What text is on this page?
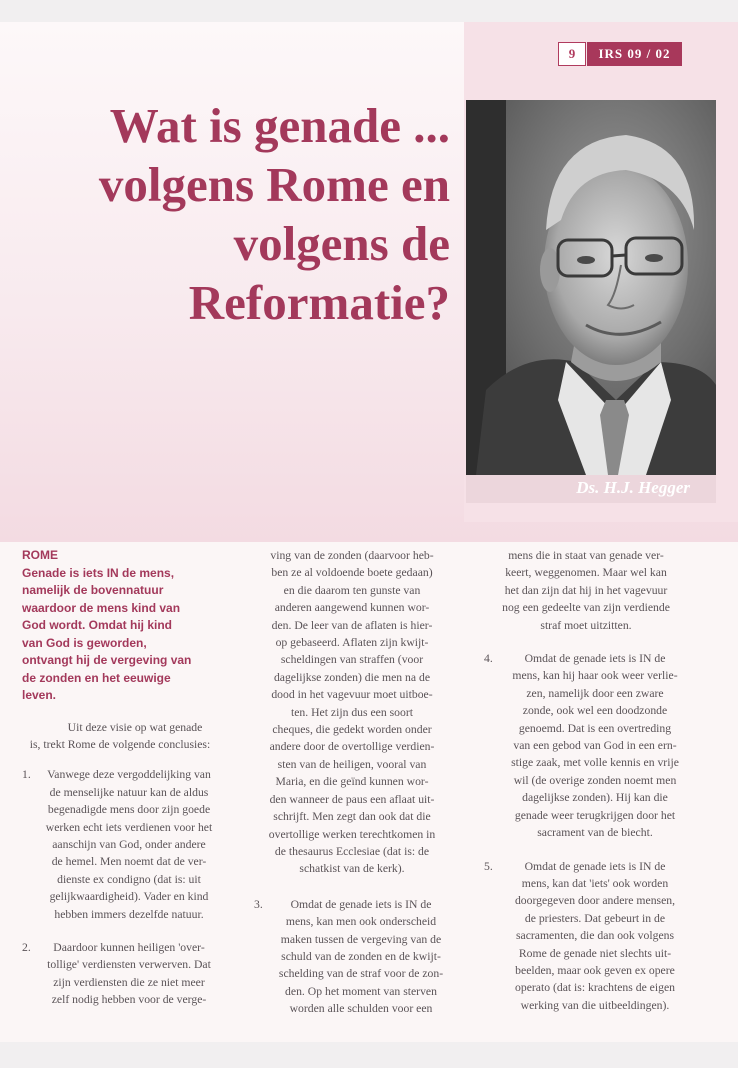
9	IRS 09 / 02
Wat is genade ...
volgens Rome en
volgens de
Reformatie?
Ds. H.J. Hegger

ROME

Genade is iets IN de mens,
namelijk de bovennatuur
waardoor de mens kind van
God wordt. Omdat hij kind
van God is geworden,
ontvangt hij de vergeving van
de zonden en het eeuwige
leven.
Uit deze visie op wat genade
is, trekt Rome de volgende conclusies:
1.	Vanwege deze vergoddelijking van
de menselijke natuur kan de aldus
begenadigde mens door zijn goede
werken echt iets verdienen voor het
aanschijn van God, onder andere
de hemel. Men noemt dat de ver-
dienste ex condigno (dat is: uit
gelijkwaardigheid). Vader en kind
hebben immers dezelfde natuur.
2.	Daardoor kunnen heiligen 'over-
tollige' verdiensten verwerven. Dat
zijn verdiensten die ze niet meer
zelf nodig hebben voor de verge-
ving van de zonden (daarvoor heb-
ben ze al voldoende boete gedaan)
en die daarom ten gunste van
anderen aangewend kunnen wor-
den. De leer van de aflaten is hier-
op gebaseerd. Aflaten zijn kwijt-
scheldingen van straffen (voor
dagelijkse zonden) die men na de
dood in het vagevuur moet uitboe-
ten. Het zijn dus een soort
cheques, die gedekt worden onder
andere door de overtollige verdien-
sten van de heiligen, vooral van
Maria, en die geïnd kunnen wor-
den wanneer de paus een aflaat uit-
schrijft. Men zegt dan ook dat die
overtollige werken terechtkomen in
de thesaurus Ecclesiae (dat is: de
schatkist van de kerk).
3.	Omdat de genade iets is IN de
mens, kan men ook onderscheid
maken tussen de vergeving van de
schuld van de zonden en de kwijt-
schelding van de straf voor de zon-
den. Op het moment van sterven
worden alle schulden voor een
mens die in staat van genade ver-
keert, weggenomen. Maar wel kan
het dan zijn dat hij in het vagevuur
nog een gedeelte van zijn verdiende
straf moet uitzitten.
4.	Omdat de genade iets is IN de
mens, kan hij haar ook weer verlie-
zen, namelijk door een zware
zonde, ook wel een doodzonde
genoemd. Dat is een overtreding
van een gebod van God in een ern-
stige zaak, met volle kennis en vrije
wil (de overige zonden noemt men
dagelijkse zonden). Hij kan die
genade weer terugkrijgen door het
sacrament van de biecht.
5.	Omdat de genade iets is IN de
mens, kan dat 'iets' ook worden
doorgegeven door andere mensen,
de priesters. Dat gebeurt in de
sacramenten, die dan ook volgens
Rome de genade niet slechts uit-
beelden, maar ook geven ex opere
operato (dat is: krachtens de eigen
werking van die uitbeeldingen).
